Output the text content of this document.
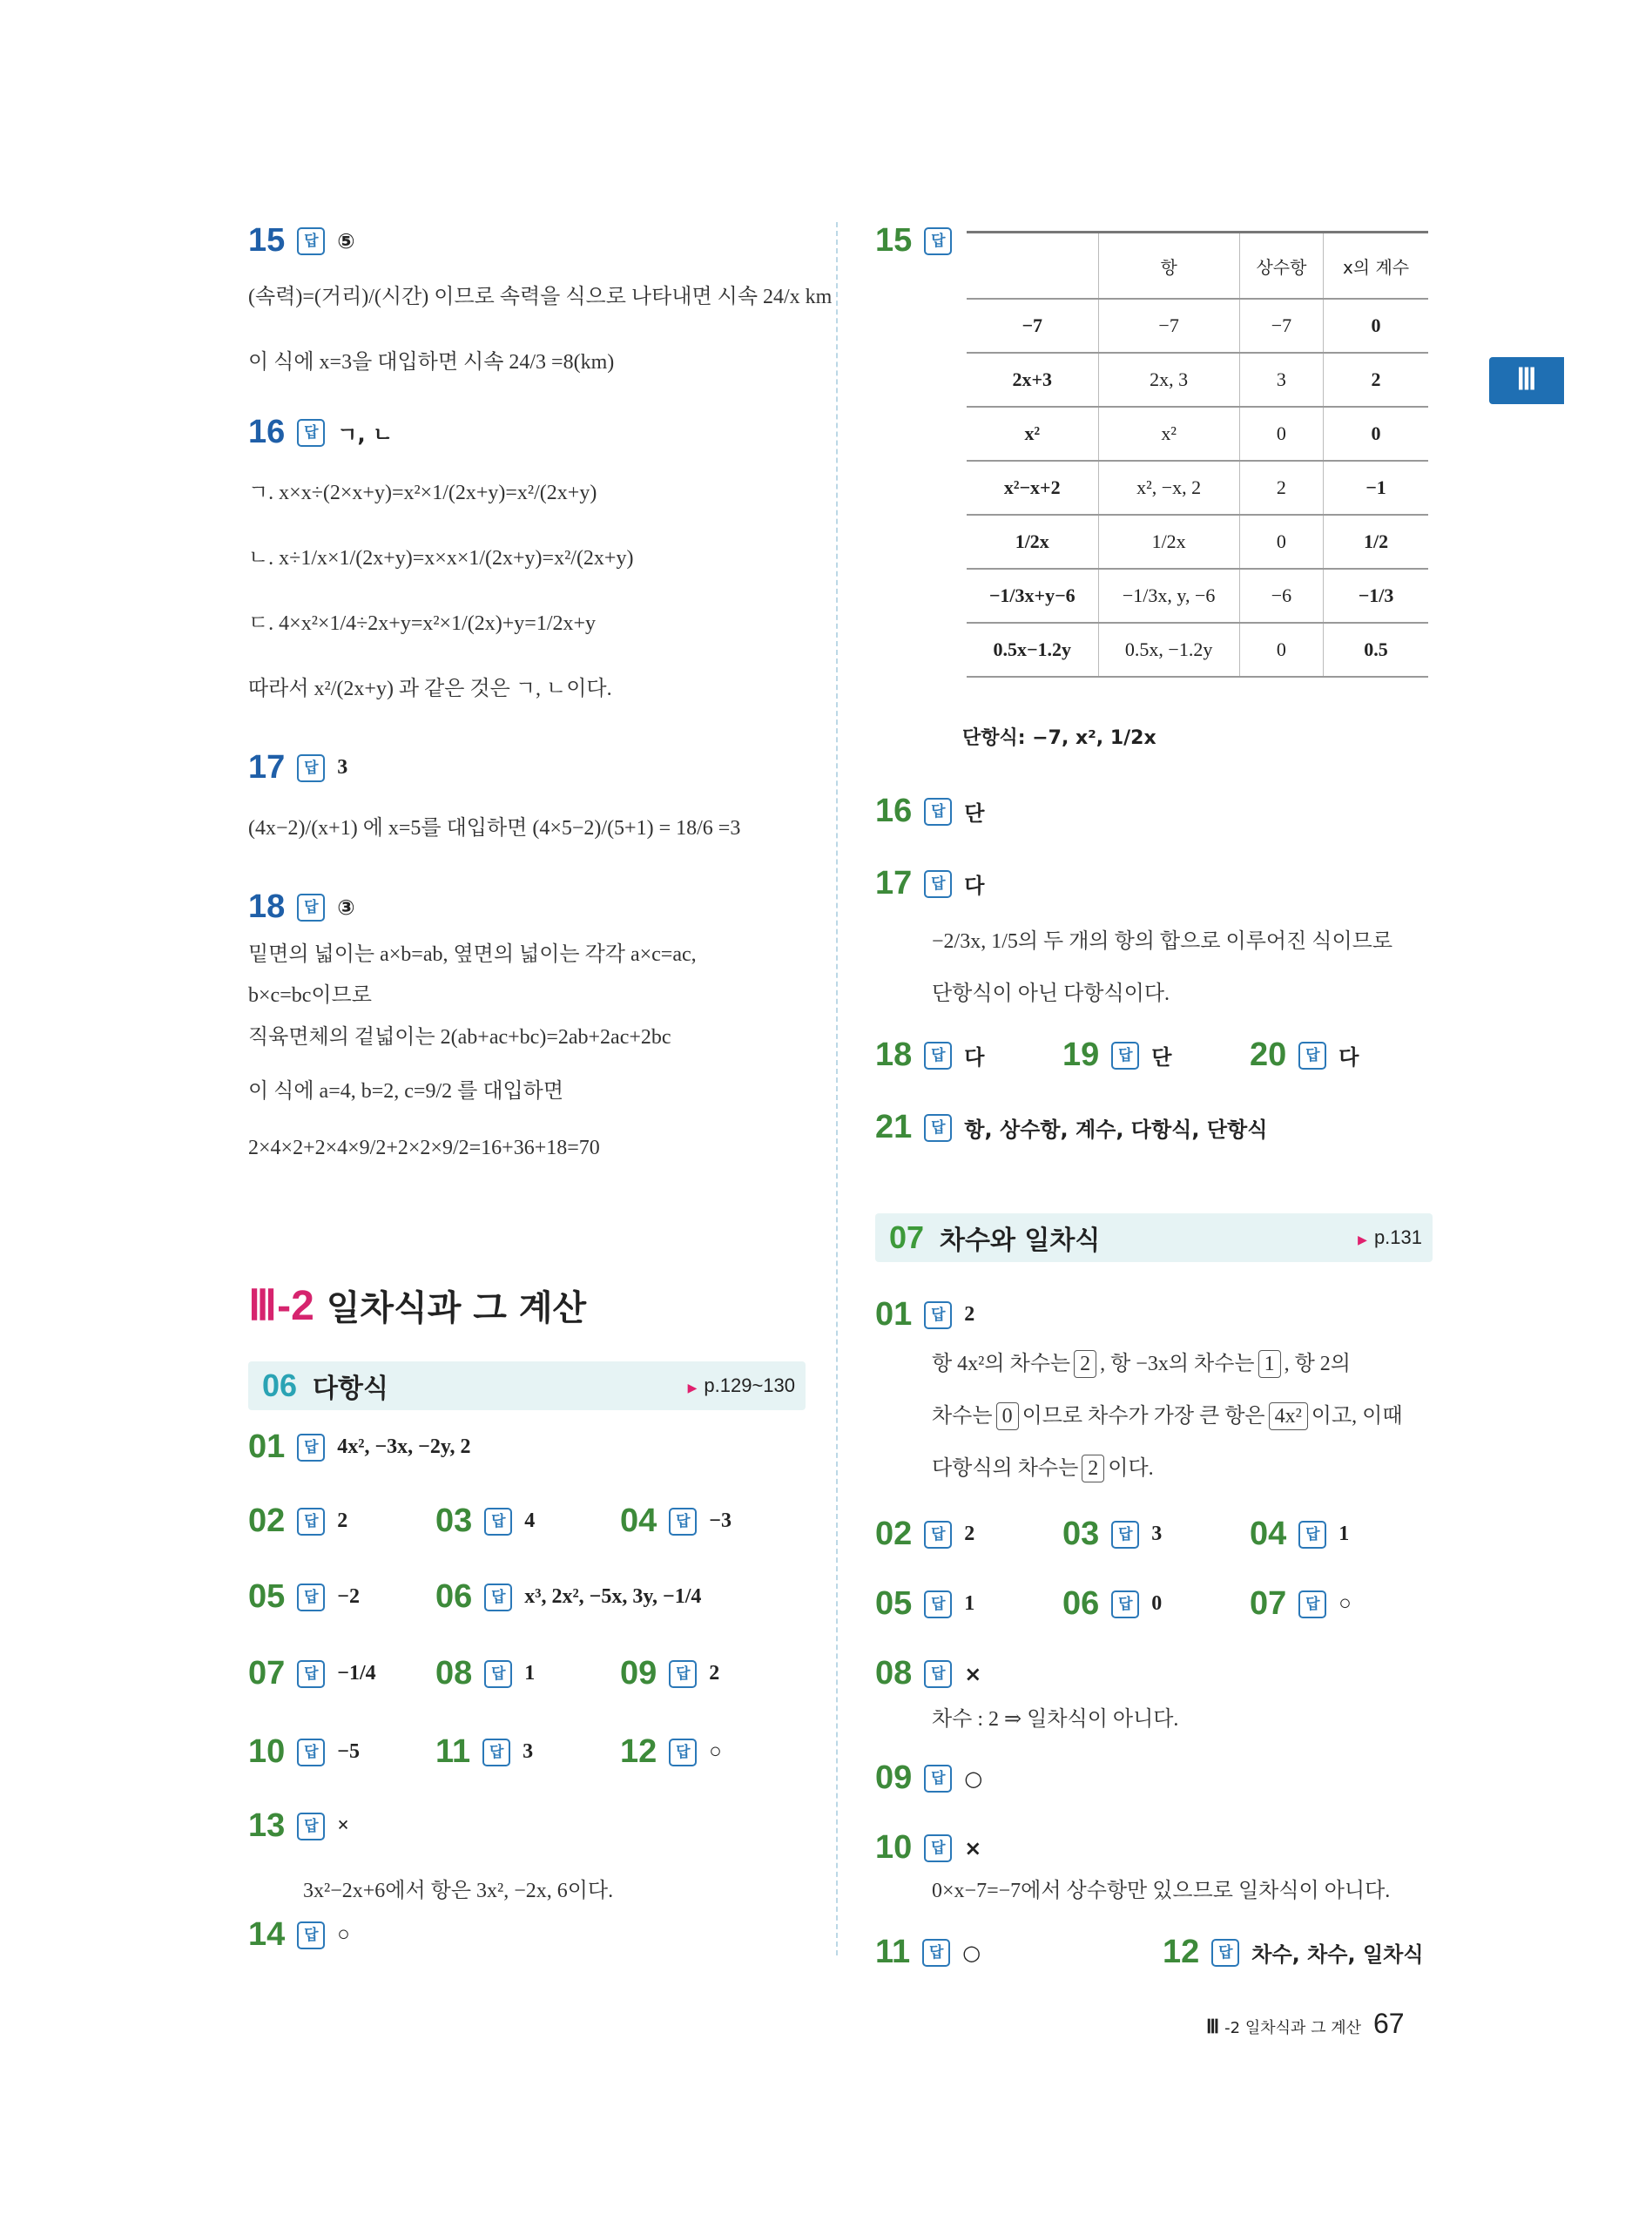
Ⅲ
15	답 ⑤
(속력)=(거리)/(시간) 이므로 속력을 식으로 나타내면 시속 24/x km
이 식에 x=3을 대입하면 시속 24/3 =8(km)
16	답 ㄱ, ㄴ
ㄱ. x×x÷(2×x+y)=x²×1/(2x+y)=x²/(2x+y)
ㄴ. x÷1/x×1/(2x+y)=x×x×1/(2x+y)=x²/(2x+y)
ㄷ. 4×x²×1/4÷2x+y=x²×1/(2x)+y=1/2x+y
따라서 x²/(2x+y) 과 같은 것은 ㄱ, ㄴ이다.
17	답 3
(4x−2)/(x+1) 에 x=5를 대입하면 (4×5−2)/(5+1) = 18/6 =3
18	답 ③
밑면의 넓이는 a×b=ab, 옆면의 넓이는 각각 a×c=ac,
b×c=bc이므로
직육면체의 겉넓이는 2(ab+ac+bc)=2ab+2ac+2bc
이 식에 a=4, b=2, c=9/2 를 대입하면
2×4×2+2×4×9/2+2×2×9/2=16+36+18=70
Ⅲ -2 일차식과 그 계산
06 다항식	▶ p.129~130
01	답 4x², −3x, −2y, 2
02	답 2	03	답 4	04	답 −3
05	답 −2 06	답 x³, 2x², −5x, 3y, −1/4
07	답 −1/4 08	답 1	09	답 2
10	답 −5 11	답 3	12	답 ○
13	답 ×
14	답 ○
3x²−2x+6에서 항은 3x², −2x, 6이다.
15	답
	항	상수항	x의 계수
−7	−7	−7	0
2x+3	2x, 3	3	2
x²	x²	0	0
x²−x+2	x², −x, 2	2	−1
1/2x	1/2x	0	1/2
−1/3x+y−6	−1/3x, y, −6	−6	−1/3
0.5x−1.2y	0.5x, −1.2y	0	0.5
단항식: −7, x², 1/2x
16	답 단
17	답 다
−2/3x, 1/5의 두 개의 항의 합으로 이루어진 식이므로
단항식이 아닌 다항식이다.
18	답 다 19	답 단 20	답 다
21	답 항, 상수항, 계수, 다항식, 단항식
07 차수와 일차식	▶ p.131
01	답 2
항 4x²의 차수는 2 , 항 −3x의 차수는 1 , 항 2의
차수는 0 이므로 차수가 가장 큰 항은 4x² 이고, 이때
다항식의 차수는 2 이다.
02	답 2	03	답 3	04	답 1
05	답 1	06	답 0	07	답 ○
08	답 ×
차수 : 2 ⇒ 일차식이 아니다.
09	답 ○
10	답 ×
0×x−7=−7에서 상수항만 있으므로 일차식이 아니다.
11	답 ○	12	답 차수, 차수, 일차식
Ⅲ -2 일차식과 그 계산 67
